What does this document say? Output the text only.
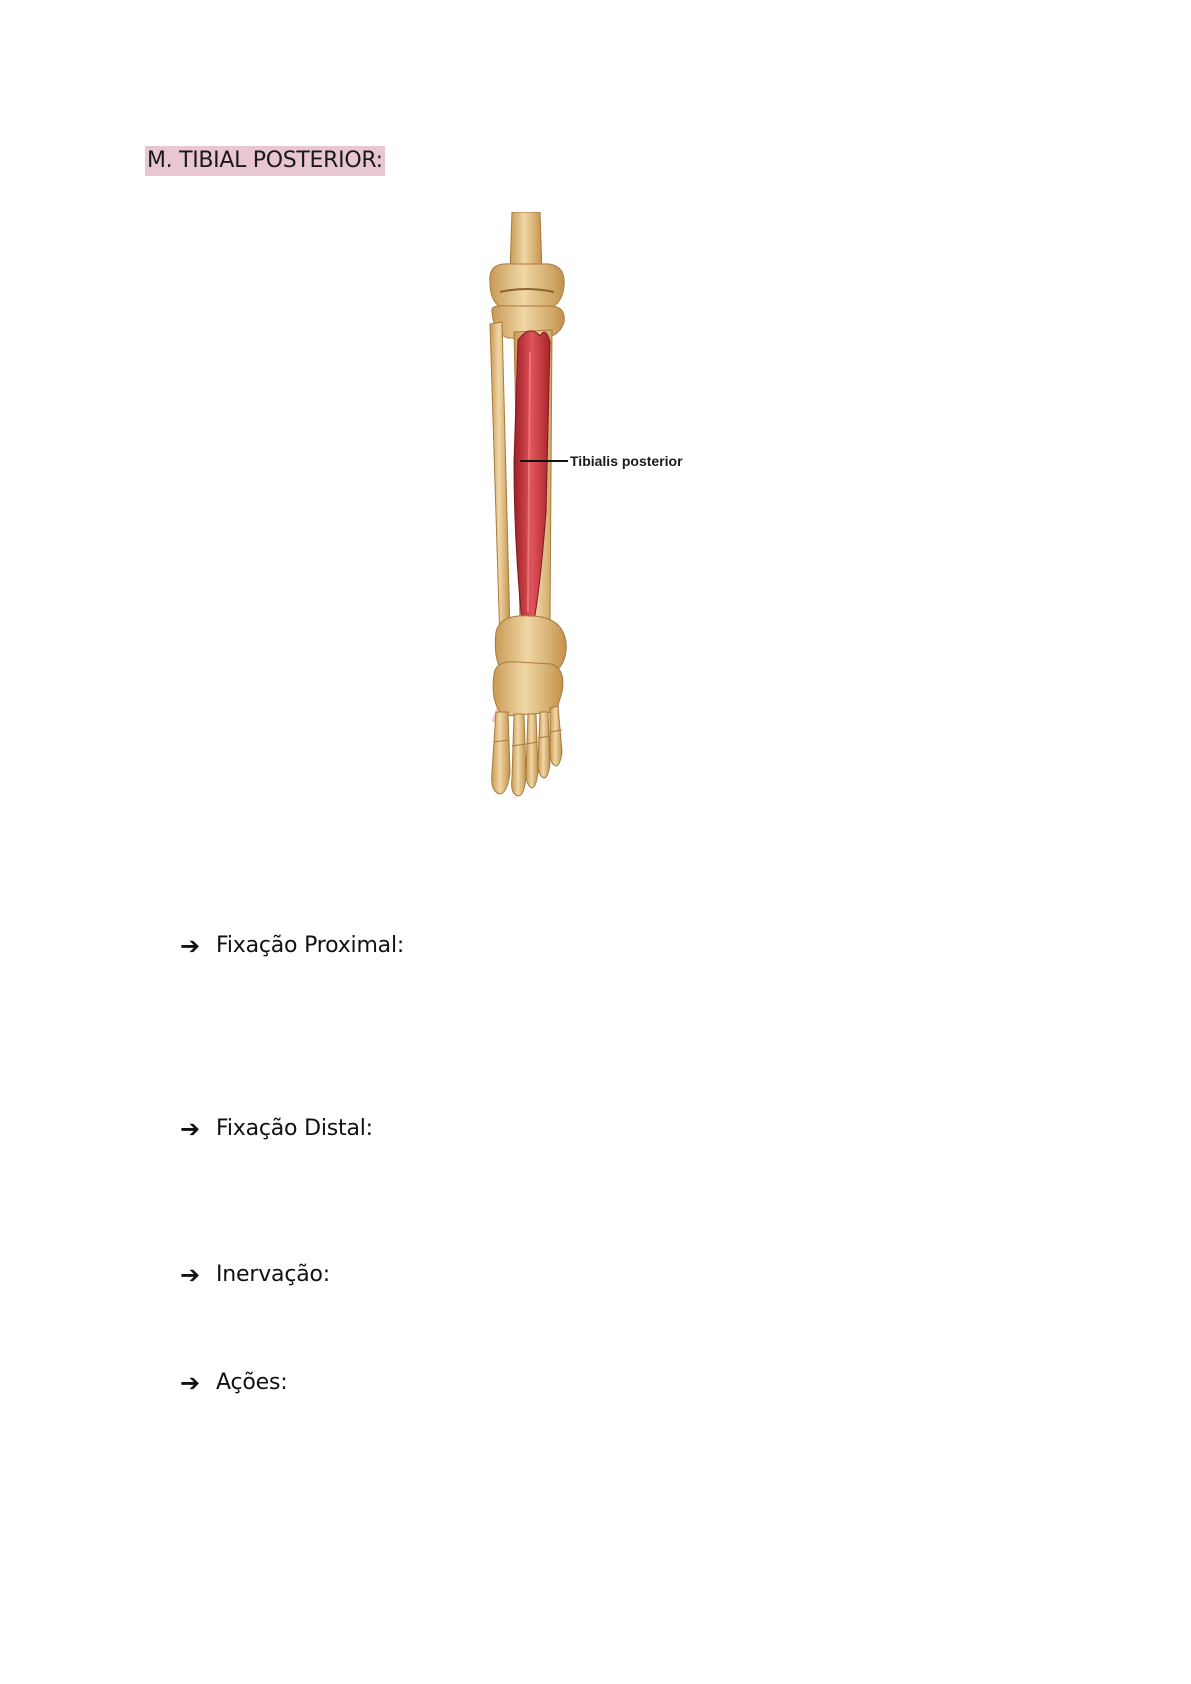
M. TIBIAL POSTERIOR:
Tibialis posterior
➔ Fixação Proximal:
➔ Fixação Distal:
➔ Inervação:
➔ Ações:
